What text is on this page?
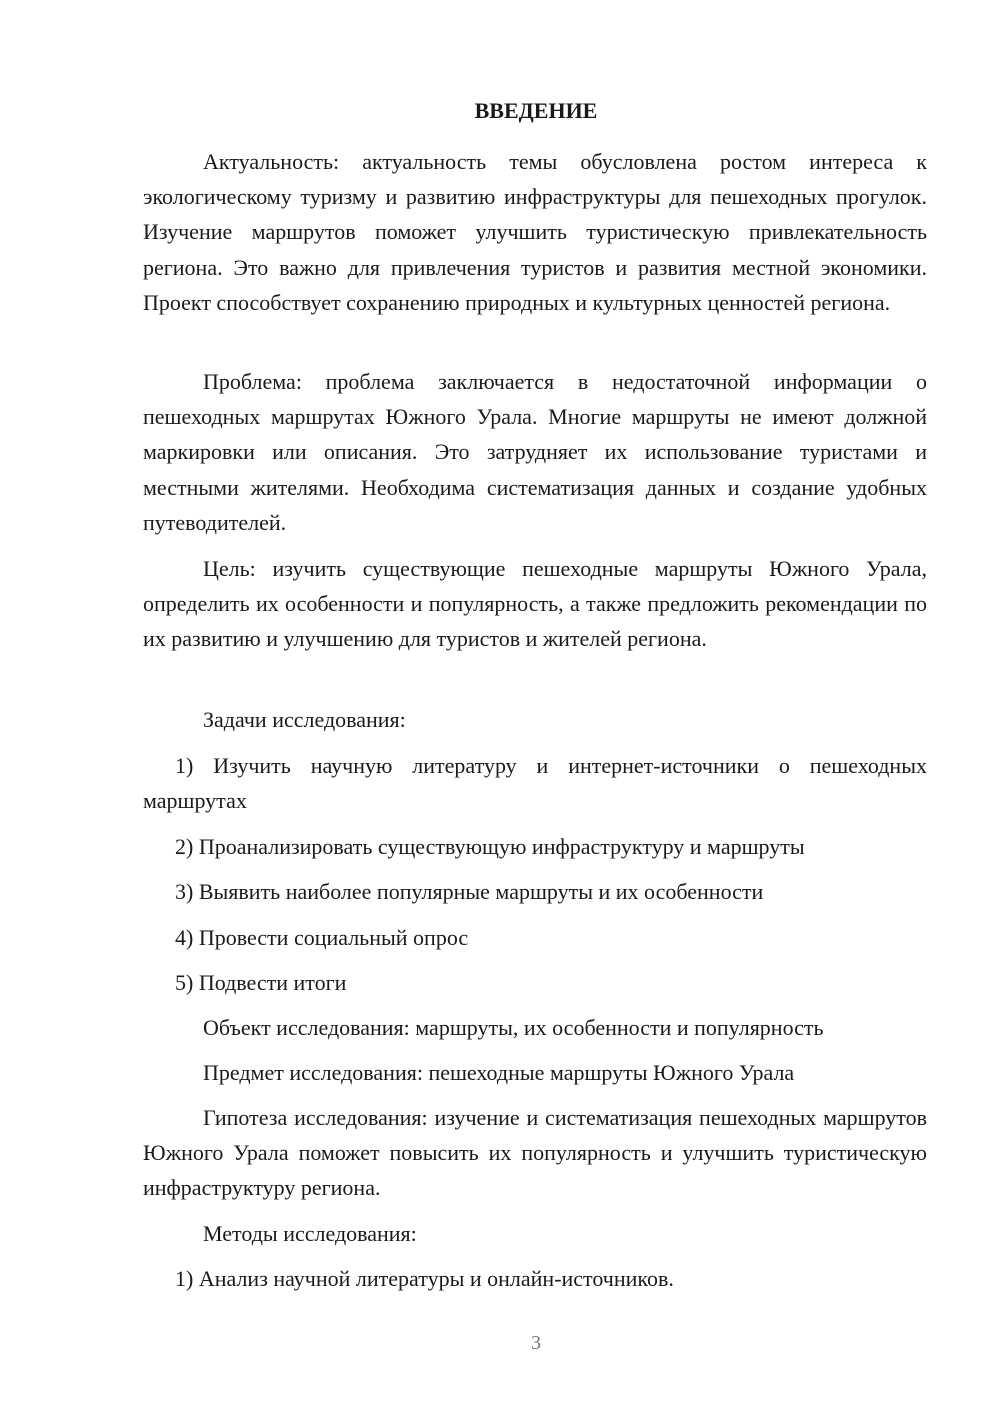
ВВЕДЕНИЕ

Актуальность: актуальность темы обусловлена ростом интереса к экологическому туризму и развитию инфраструктуры для пешеходных прогулок. Изучение маршрутов поможет улучшить туристическую привлекательность региона. Это важно для привлечения туристов и развития местной экономики. Проект способствует сохранению природных и культурных ценностей региона.

Проблема: проблема заключается в недостаточной информации о пешеходных маршрутах Южного Урала. Многие маршруты не имеют должной маркировки или описания. Это затрудняет их использование туристами и местными жителями. Необходима систематизация данных и создание удобных путеводителей.

Цель: изучить существующие пешеходные маршруты Южного Урала, определить их особенности и популярность, а также предложить рекомендации по их развитию и улучшению для туристов и жителей региона.

Задачи исследования:

1) Изучить научную литературу и интернет-источники о пешеходных маршрутах

2) Проанализировать существующую инфраструктуру и маршруты

3) Выявить наиболее популярные маршруты и их особенности

4) Провести социальный опрос

5) Подвести итоги

Объект исследования: маршруты, их особенности и популярность

Предмет исследования: пешеходные маршруты Южного Урала

Гипотеза исследования: изучение и систематизация пешеходных маршрутов Южного Урала поможет повысить их популярность и улучшить туристическую инфраструктуру региона.

Методы исследования:

1) Анализ научной литературы и онлайн-источников.

3
